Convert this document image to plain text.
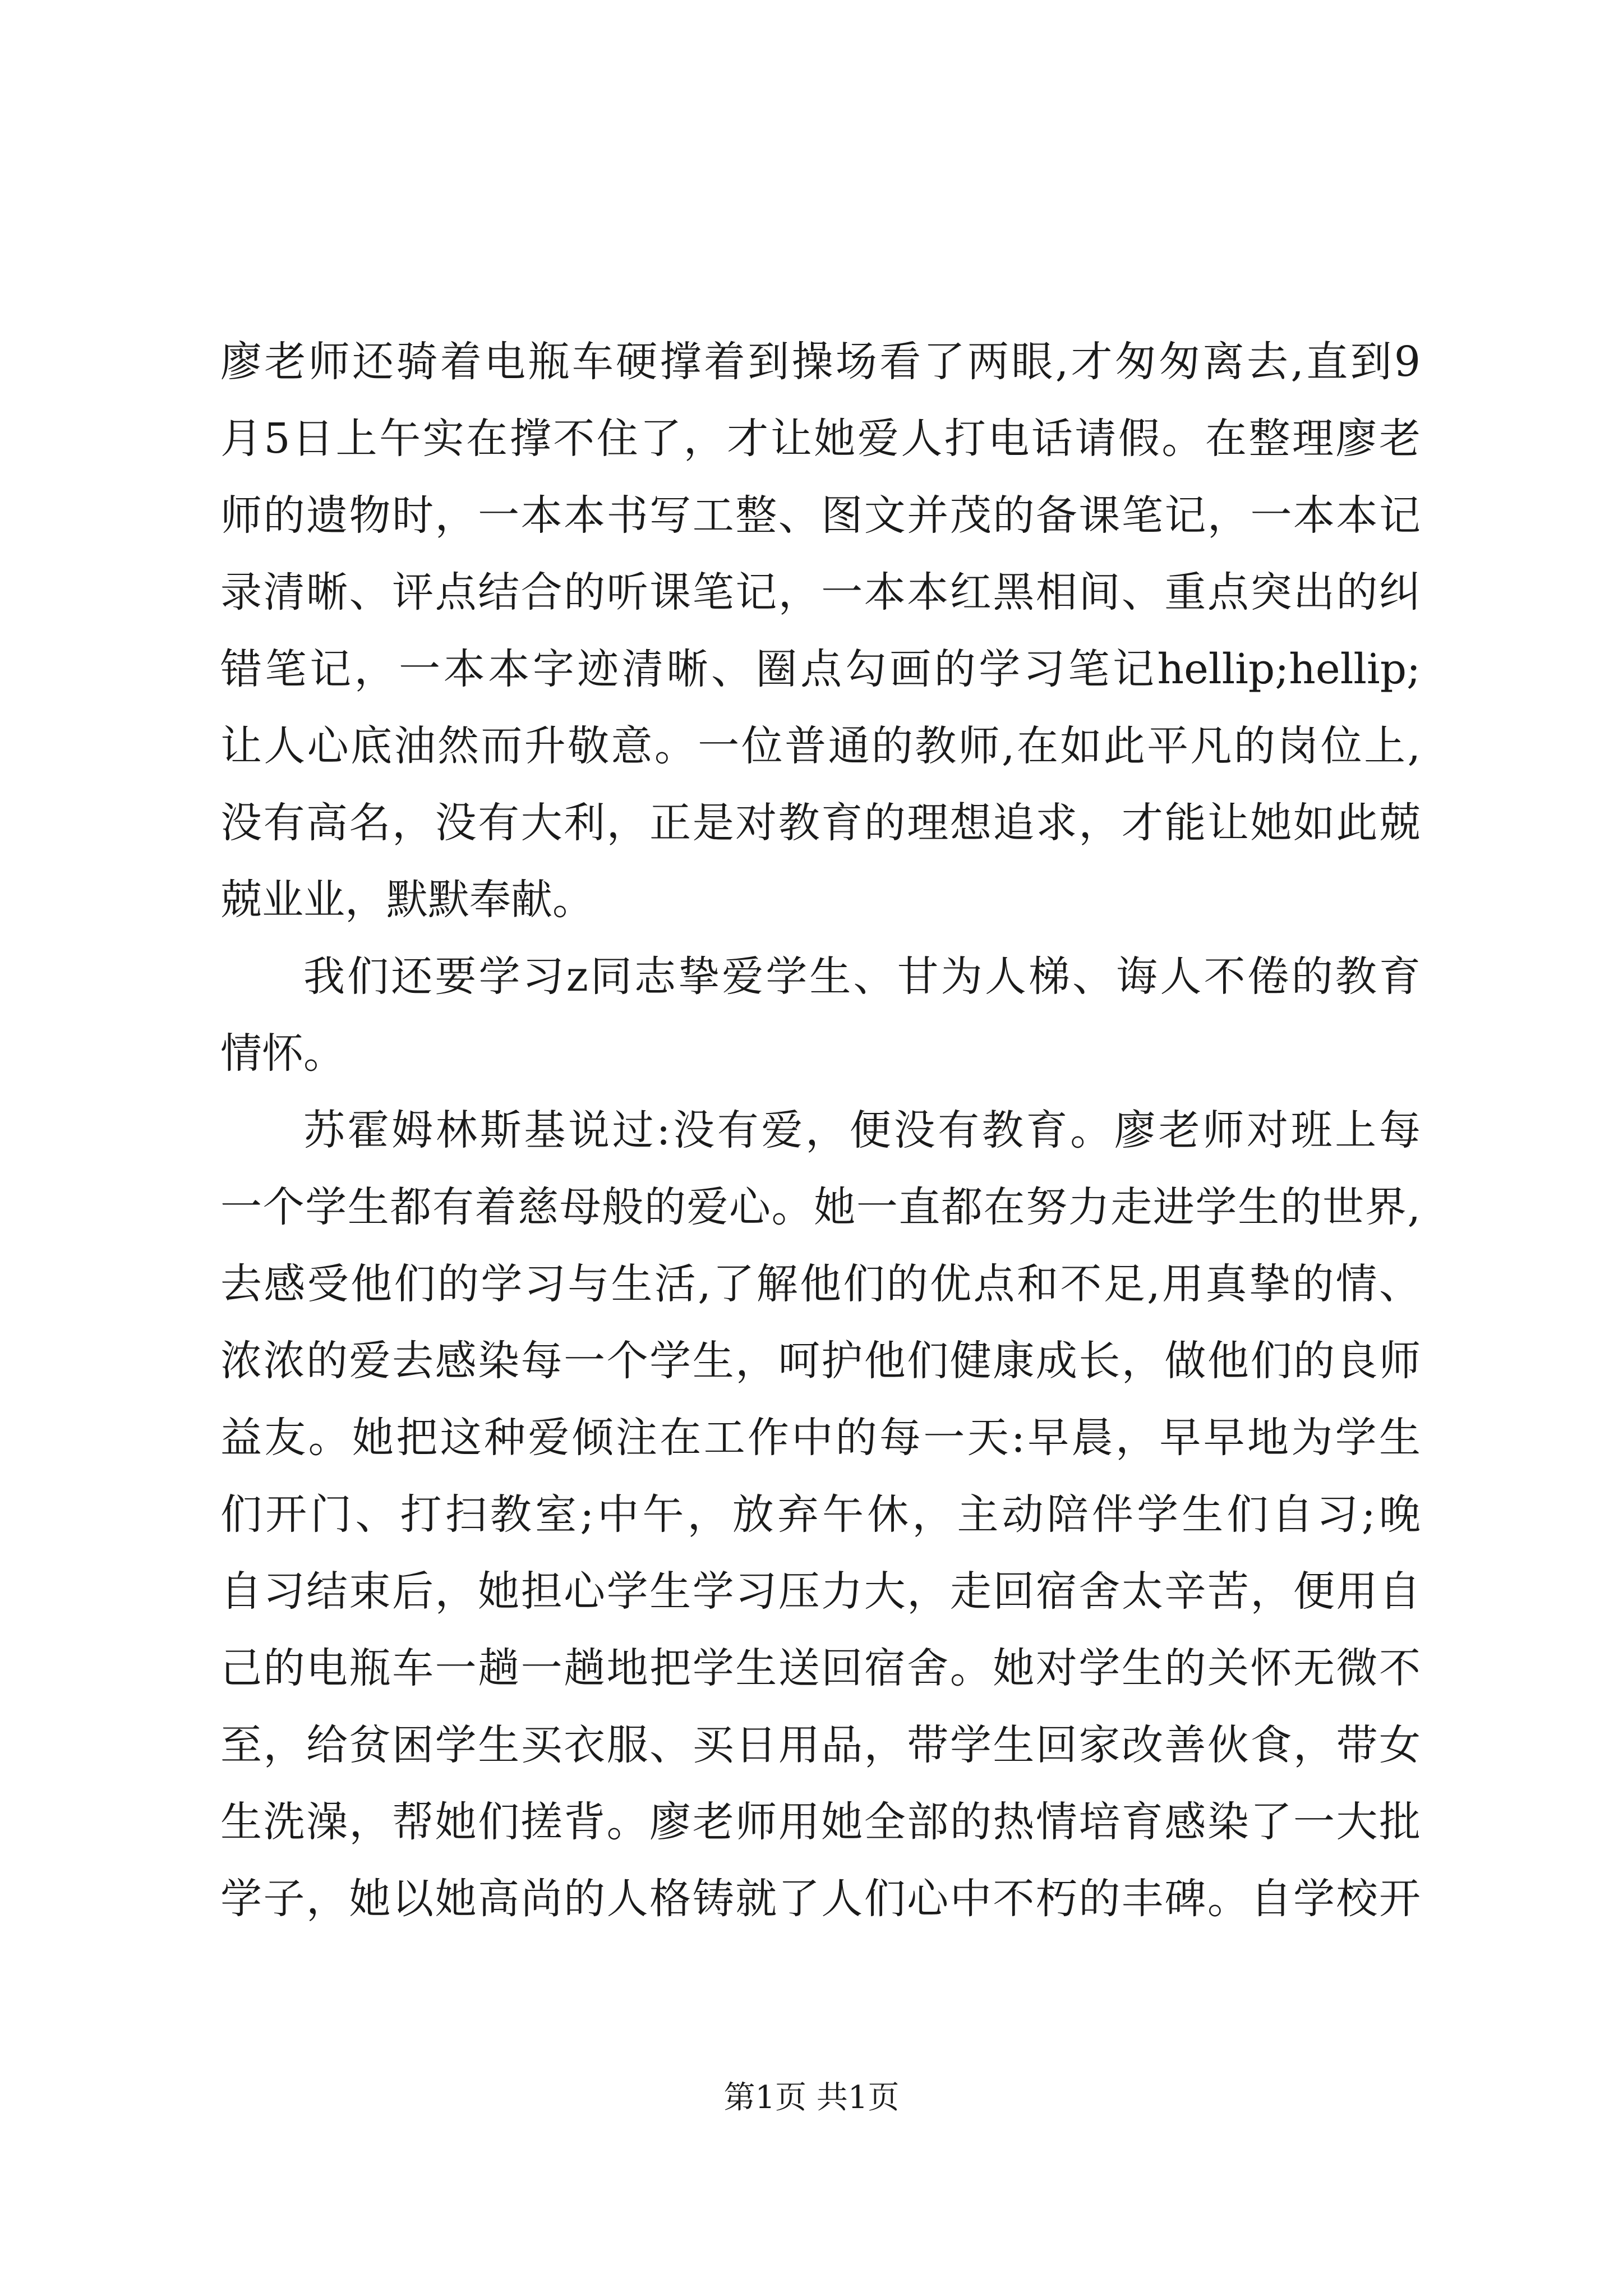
廖老师还骑着电瓶车硬撑着到操场看了两眼,才匆匆离去,直到9
月5日上午实在撑不住了，才让她爱人打电话请假。在整理廖老
师的遗物时，一本本书写工整、图文并茂的备课笔记，一本本记
录清晰、评点结合的听课笔记，一本本红黑相间、重点突出的纠
错笔记，一本本字迹清晰、圈点勾画的学习笔记hellip;hellip;
让人心底油然而升敬意。一位普通的教师,在如此平凡的岗位上,
没有高名，没有大利，正是对教育的理想追求，才能让她如此兢
兢业业，默默奉献。
我们还要学习z同志挚爱学生、甘为人梯、诲人不倦的教育
情怀。
苏霍姆林斯基说过:没有爱，便没有教育。廖老师对班上每
一个学生都有着慈母般的爱心。她一直都在努力走进学生的世界,
去感受他们的学习与生活,了解他们的优点和不足,用真挚的情、
浓浓的爱去感染每一个学生，呵护他们健康成长，做他们的良师
益友。她把这种爱倾注在工作中的每一天:早晨，早早地为学生
们开门、打扫教室;中午，放弃午休，主动陪伴学生们自习;晚
自习结束后，她担心学生学习压力大，走回宿舍太辛苦，便用自
己的电瓶车一趟一趟地把学生送回宿舍。她对学生的关怀无微不
至，给贫困学生买衣服、买日用品，带学生回家改善伙食，带女
生洗澡，帮她们搓背。廖老师用她全部的热情培育感染了一大批
学子，她以她高尚的人格铸就了人们心中不朽的丰碑。自学校开
第1页 共1页
